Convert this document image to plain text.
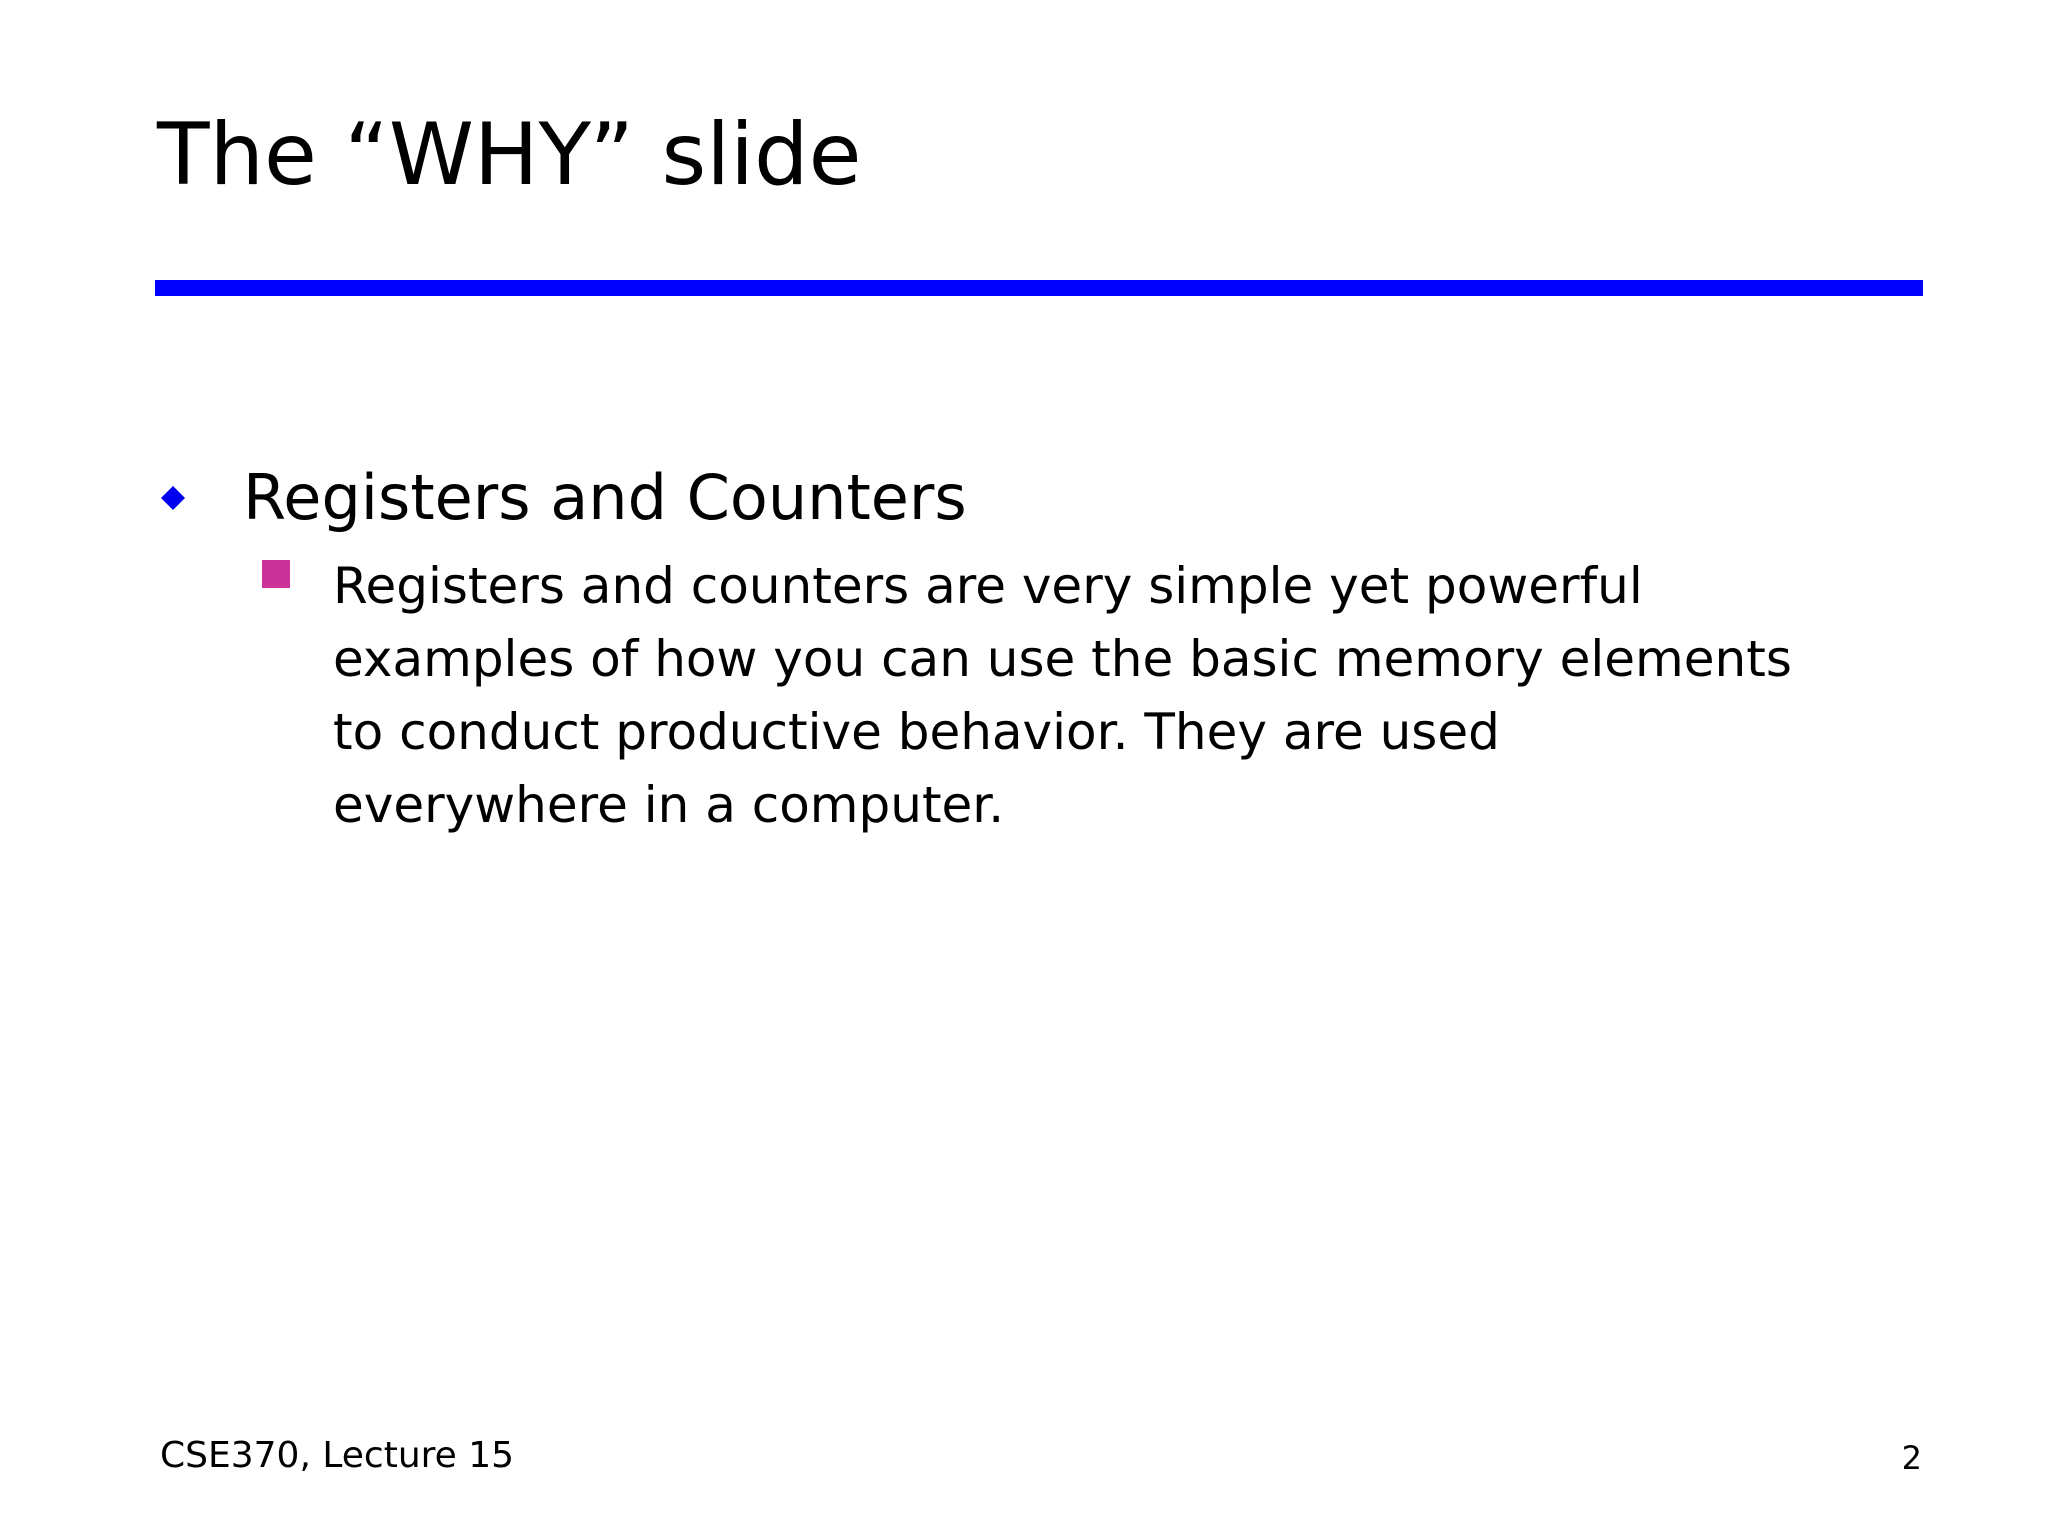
The “WHY” slide
Registers and Counters
Registers and counters are very simple yet powerful
examples of how you can use the basic memory elements
to conduct productive behavior. They are used
everywhere in a computer.
CSE370, Lecture 15	2
